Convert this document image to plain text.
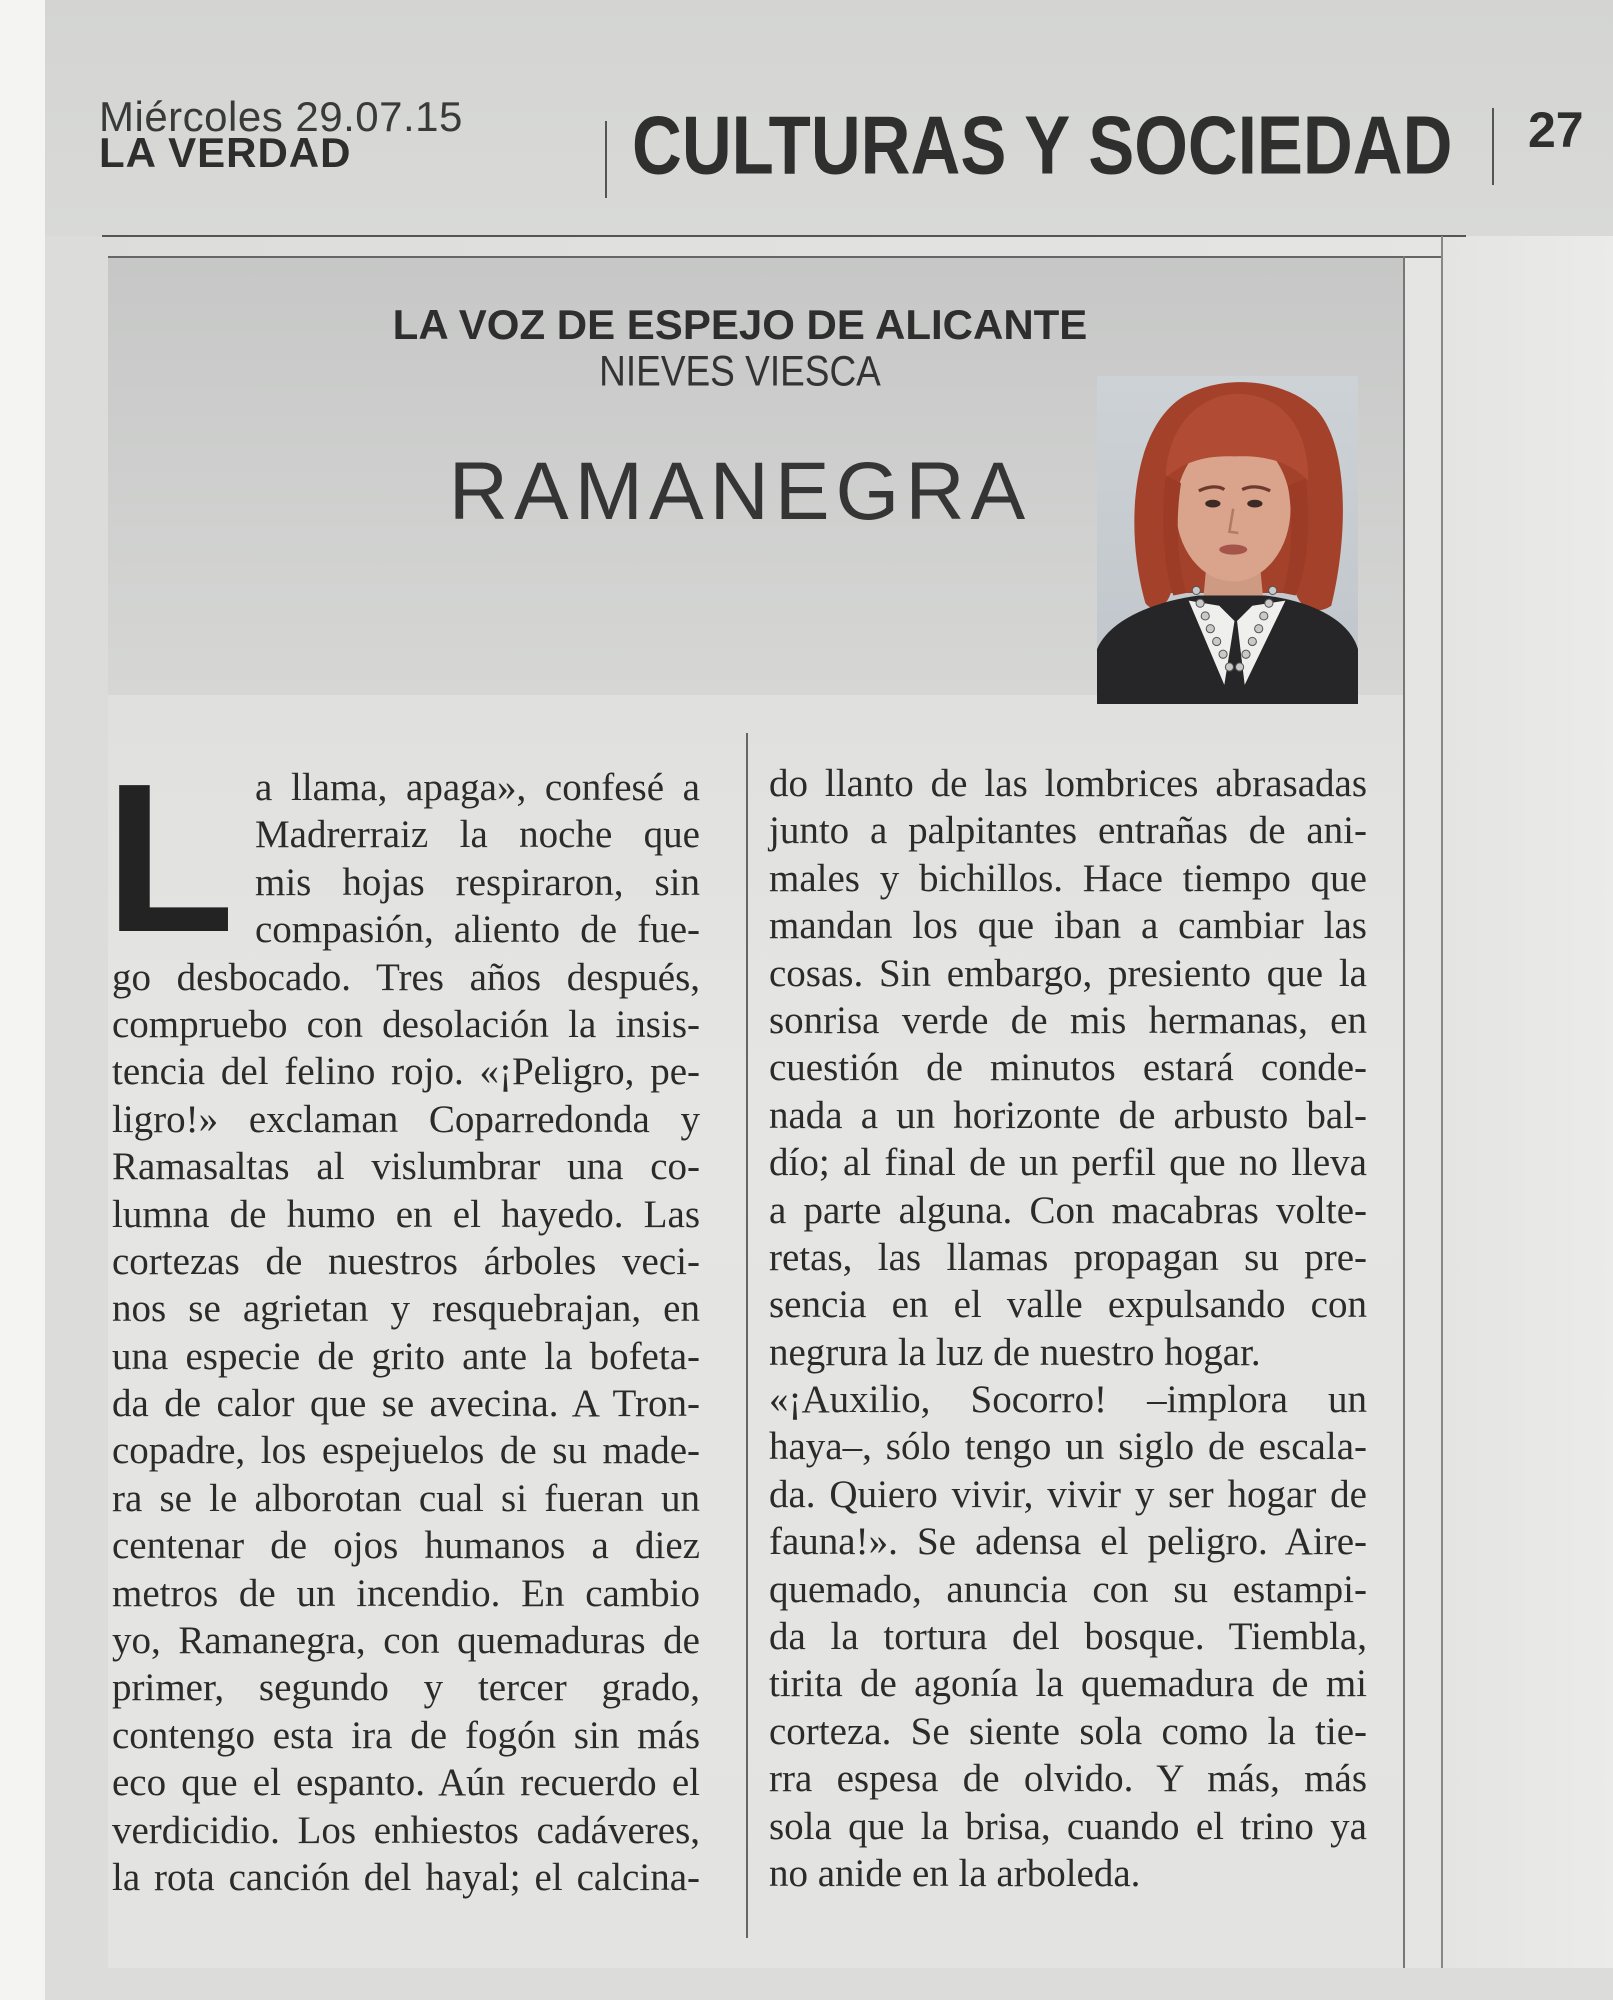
Miércoles 29.07.15
LA VERDAD	CULTURAS Y SOCIEDAD 27
LA VOZ DE ESPEJO DE ALICANTE
NIEVES VIESCA
RAMANEGRA
L a llama, apaga», confesé a
Madrerraiz la noche que
mis hojas respiraron, sin
compasión, aliento de fue-
go desbocado. Tres años después,
compruebo con desolación la insis-
tencia del felino rojo. «¡Peligro, pe-
ligro!» exclaman Coparredonda y
Ramasaltas al vislumbrar una co-
lumna de humo en el hayedo. Las
cortezas de nuestros árboles veci-
nos se agrietan y resquebrajan, en
una especie de grito ante la bofeta-
da de calor que se avecina. A Tron-
copadre, los espejuelos de su made-
ra se le alborotan cual si fueran un
centenar de ojos humanos a diez
metros de un incendio. En cambio
yo, Ramanegra, con quemaduras de
primer, segundo y tercer grado,
contengo esta ira de fogón sin más
eco que el espanto. Aún recuerdo el
verdicidio. Los enhiestos cadáveres,
la rota canción del hayal; el calcina-
do llanto de las lombrices abrasadas
junto a palpitantes entrañas de ani-
males y bichillos. Hace tiempo que
mandan los que iban a cambiar las
cosas. Sin embargo, presiento que la
sonrisa verde de mis hermanas, en
cuestión de minutos estará conde-
nada a un horizonte de arbusto bal-
dío; al final de un perfil que no lleva
a parte alguna. Con macabras volte-
retas, las llamas propagan su pre-
sencia en el valle expulsando con
negrura la luz de nuestro hogar.
«¡Auxilio, Socorro! –implora un
haya–, sólo tengo un siglo de escala-
da. Quiero vivir, vivir y ser hogar de
fauna!». Se adensa el peligro. Aire-
quemado, anuncia con su estampi-
da la tortura del bosque. Tiembla,
tirita de agonía la quemadura de mi
corteza. Se siente sola como la tie-
rra espesa de olvido. Y más, más
sola que la brisa, cuando el trino ya
no anide en la arboleda.
